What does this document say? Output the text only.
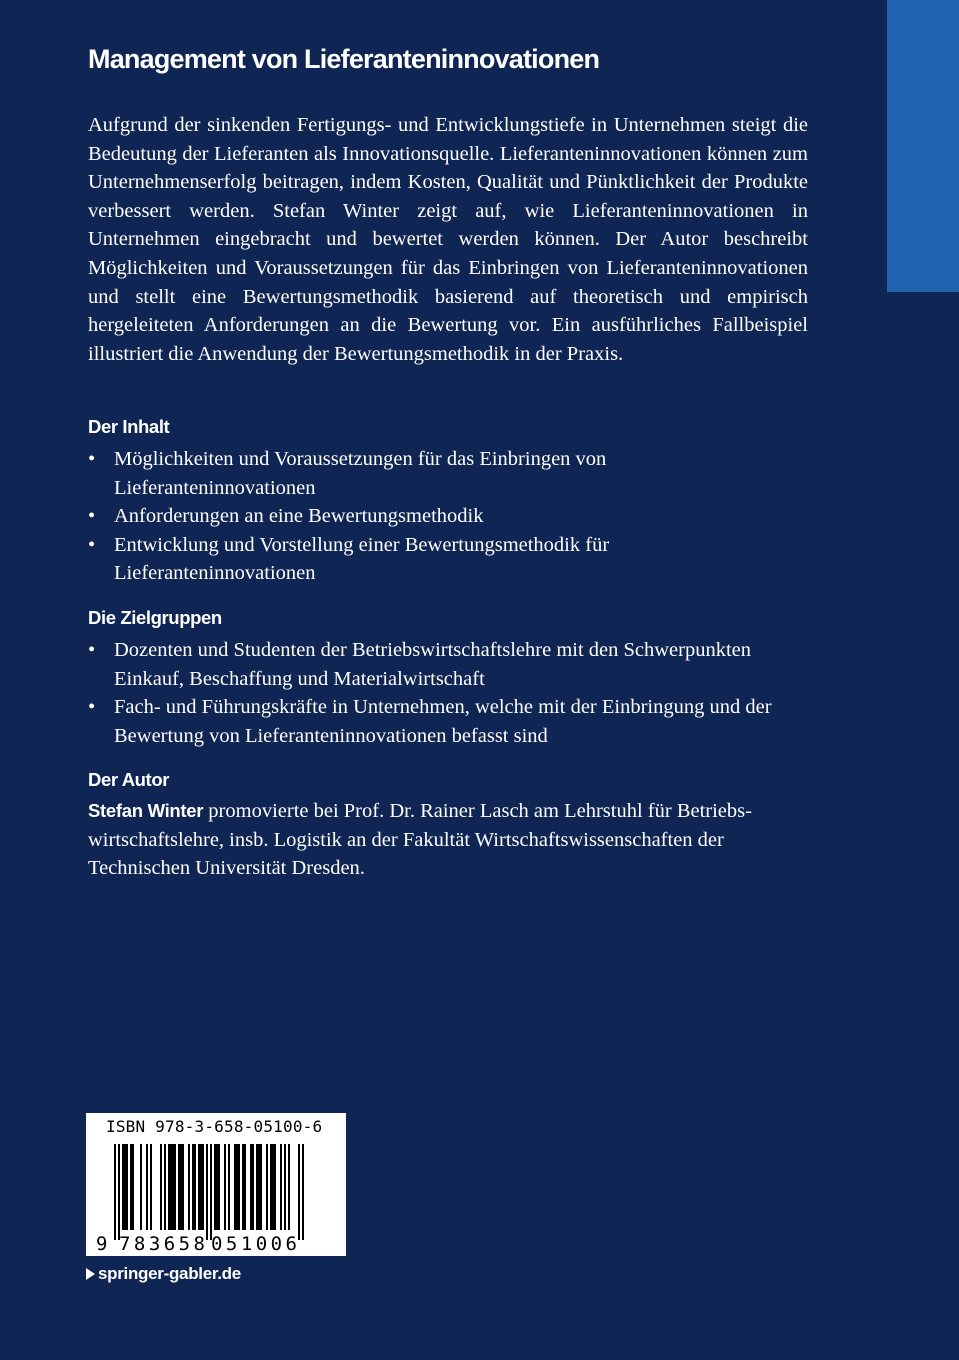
Management von Lieferanteninnovationen

Aufgrund der sinkenden Fertigungs- und Entwicklungstiefe in Unternehmen steigt die Bedeutung der Lieferanten als Innovationsquelle. Lieferanteninnovationen können zum Unternehmenserfolg beitragen, indem Kosten, Qualität und Pünktlichkeit der Produkte verbessert werden. Stefan Winter zeigt auf, wie Lieferanteninnovationen in Unternehmen eingebracht und bewertet werden können. Der Autor beschreibt Möglichkeiten und Voraussetzungen für das Einbringen von Lieferanteninnovationen und stellt eine Bewertungsmethodik basierend auf theoretisch und empirisch hergeleiteten Anforderungen an die Bewertung vor. Ein ausführliches Fallbeispiel illustriert die Anwendung der Bewertungsmethodik in der Praxis.

Der Inhalt
• Möglichkeiten und Voraussetzungen für das Einbringen von Lieferanteninnovationen
• Anforderungen an eine Bewertungsmethodik
• Entwicklung und Vorstellung einer Bewertungsmethodik für Lieferanteninnovationen
Die Zielgruppen
• Dozenten und Studenten der Betriebswirtschaftslehre mit den Schwerpunkten Einkauf, Beschaffung und Materialwirtschaft
• Fach- und Führungskräfte in Unternehmen, welche mit der Einbringung und der Bewertung von Lieferanteninnovationen befasst sind
Der Autor

Stefan Winter promovierte bei Prof. Dr. Rainer Lasch am Lehrstuhl für Betriebswirtschaftslehre, insb. Logistik an der Fakultät Wirtschaftswissenschaften der Technischen Universität Dresden.

9 783658 051006
ISBN 978-3-658-05100-6
springer-gabler.de
